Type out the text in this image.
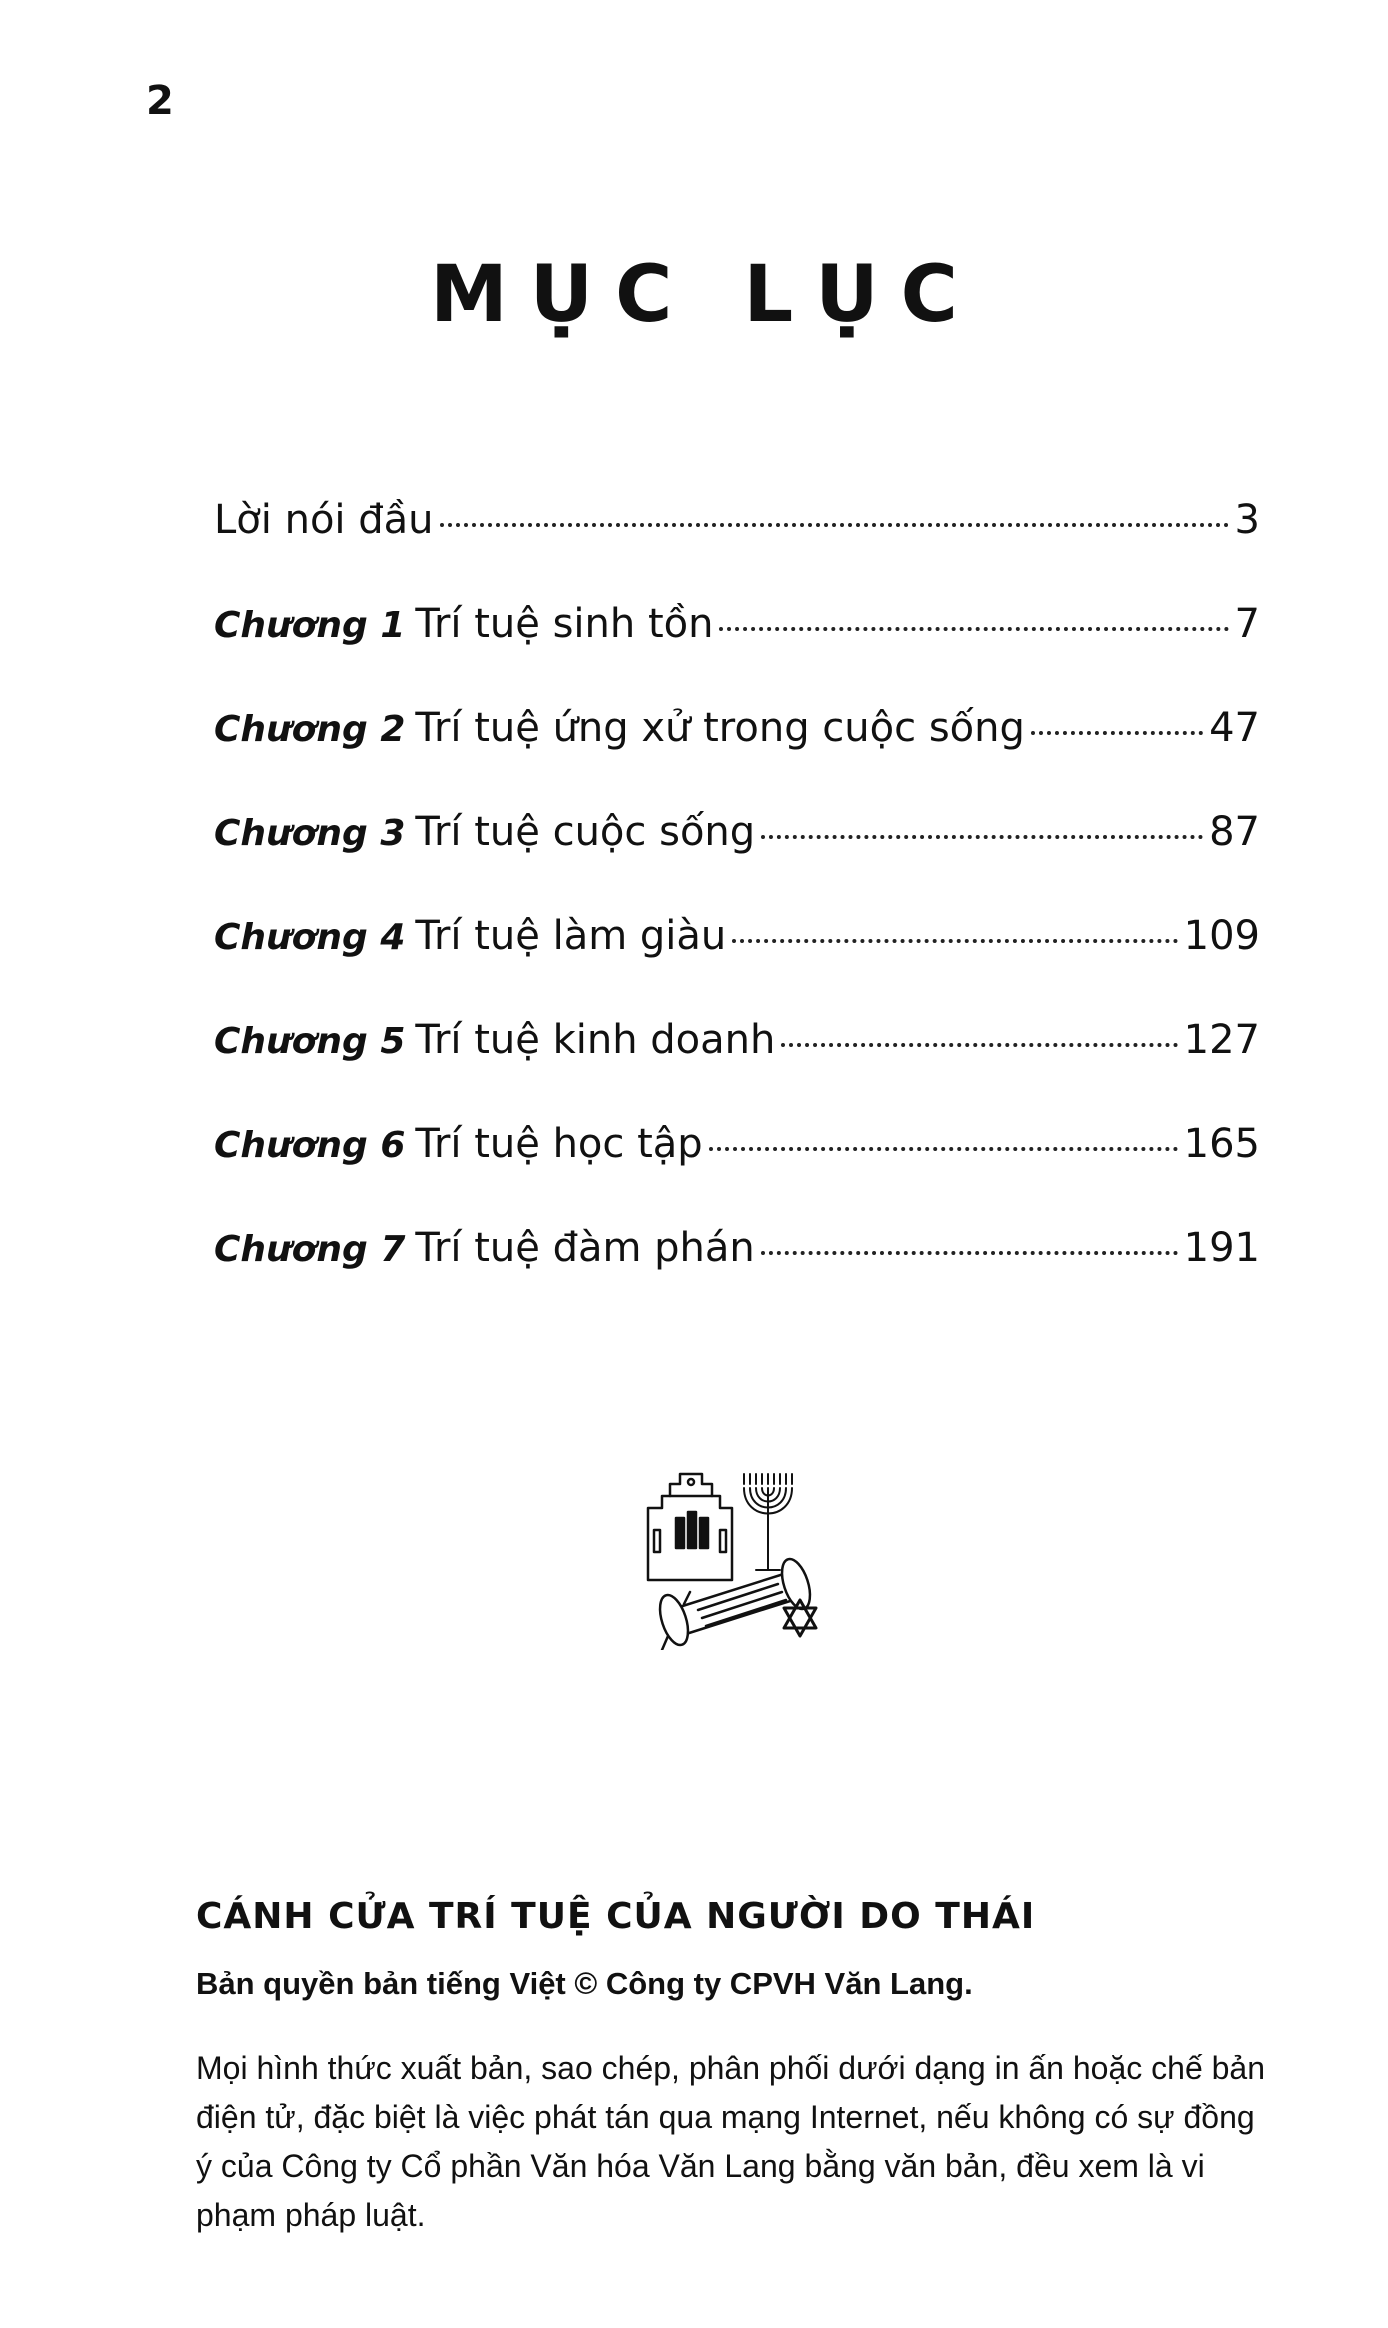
2
MỤC LỤC
Lời nói đầu	3
Chương 1 Trí tuệ sinh tồn	7
Chương 2 Trí tuệ ứng xử trong cuộc sống	47
Chương 3 Trí tuệ cuộc sống	87
Chương 4 Trí tuệ làm giàu	109
Chương 5 Trí tuệ kinh doanh	127
Chương 6 Trí tuệ học tập	165
Chương 7 Trí tuệ đàm phán	191
CÁNH CỬA TRÍ TUỆ CỦA NGƯỜI DO THÁI
Bản quyền bản tiếng Việt © Công ty CPVH Văn Lang.
Mọi hình thức xuất bản, sao chép, phân phối dưới dạng in ấn hoặc chế bản điện tử, đặc biệt là việc phát tán qua mạng Internet, nếu không có sự đồng ý của Công ty Cổ phần Văn hóa Văn Lang bằng văn bản, đều xem là vi phạm pháp luật.
